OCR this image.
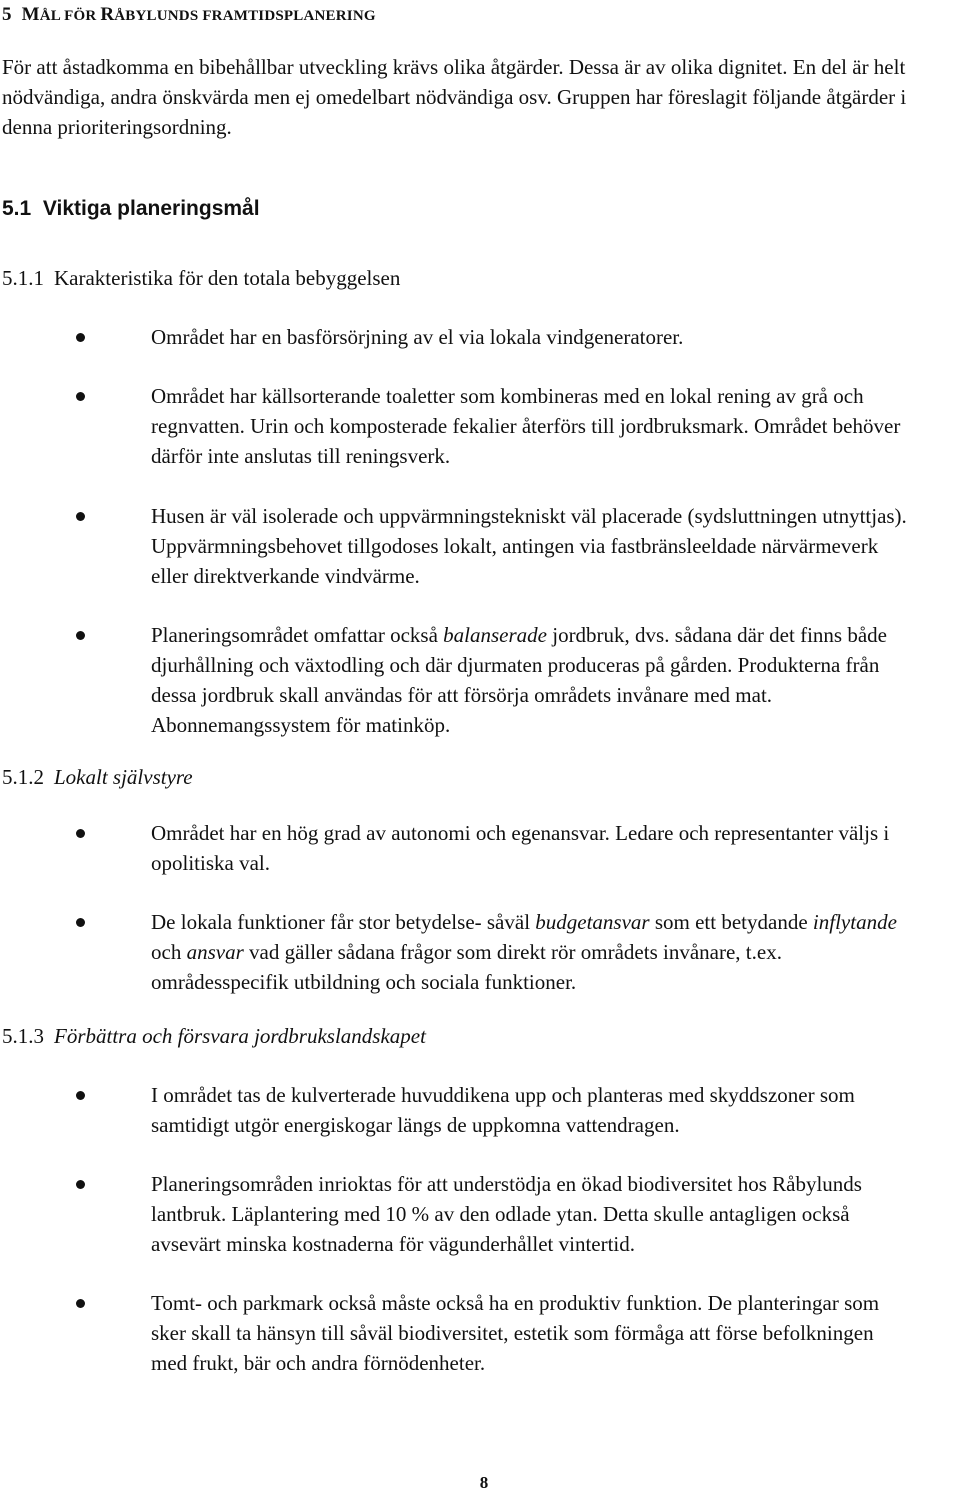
5 MÅL FÖR RÅBYLUNDS FRAMTIDSPLANERING

För att åstadkomma en bibehållbar utveckling krävs olika åtgärder. Dessa är av olika dignitet. En del är helt nödvändiga, andra önskvärda men ej omedelbart nödvändiga osv. Gruppen har föreslagit följande åtgärder i denna prioriteringsordning.

5.1 Viktiga planeringsmål
5.1.1 Karakteristika för den totala bebyggelsen
Området har en basförsörjning av el via lokala vindgeneratorer.
Området har källsorterande toaletter som kombineras med en lokal rening av grå och regnvatten. Urin och komposterade fekalier återförs till jordbruksmark. Området behöver därför inte anslutas till reningsverk.
Husen är väl isolerade och uppvärmningstekniskt väl placerade (sydsluttningen utnyttjas). Uppvärmningsbehovet tillgodoses lokalt, antingen via fastbränsleeldade närvärmeverk eller direktverkande vindvärme.
Planeringsområdet omfattar också balanserade jordbruk, dvs. sådana där det finns både djurhållning och växtodling och där djurmaten produceras på gården. Produkterna från dessa jordbruk skall användas för att försörja områdets invånare med mat. Abonnemangssystem för matinköp.
5.1.2 Lokalt självstyre
Området har en hög grad av autonomi och egenansvar. Ledare och representanter väljs i opolitiska val.
De lokala funktioner får stor betydelse- såväl budgetansvar som ett betydande inflytande och ansvar vad gäller sådana frågor som direkt rör områdets invånare, t.ex. områdesspecifik utbildning och sociala funktioner.
5.1.3 Förbättra och försvara jordbrukslandskapet
I området tas de kulverterade huvuddikena upp och planteras med skyddszoner som samtidigt utgör energiskogar längs de uppkomna vattendragen.
Planeringsområden inrioktas för att understödja en ökad biodiversitet hos Råbylunds lantbruk. Läplantering med 10 % av den odlade ytan. Detta skulle antagligen också avsevärt minska kostnaderna för vägunderhållet vintertid.
Tomt- och parkmark också måste också ha en produktiv funktion. De planteringar som sker skall ta hänsyn till såväl biodiversitet, estetik som förmåga att förse befolkningen med frukt, bär och andra förnödenheter.
8
